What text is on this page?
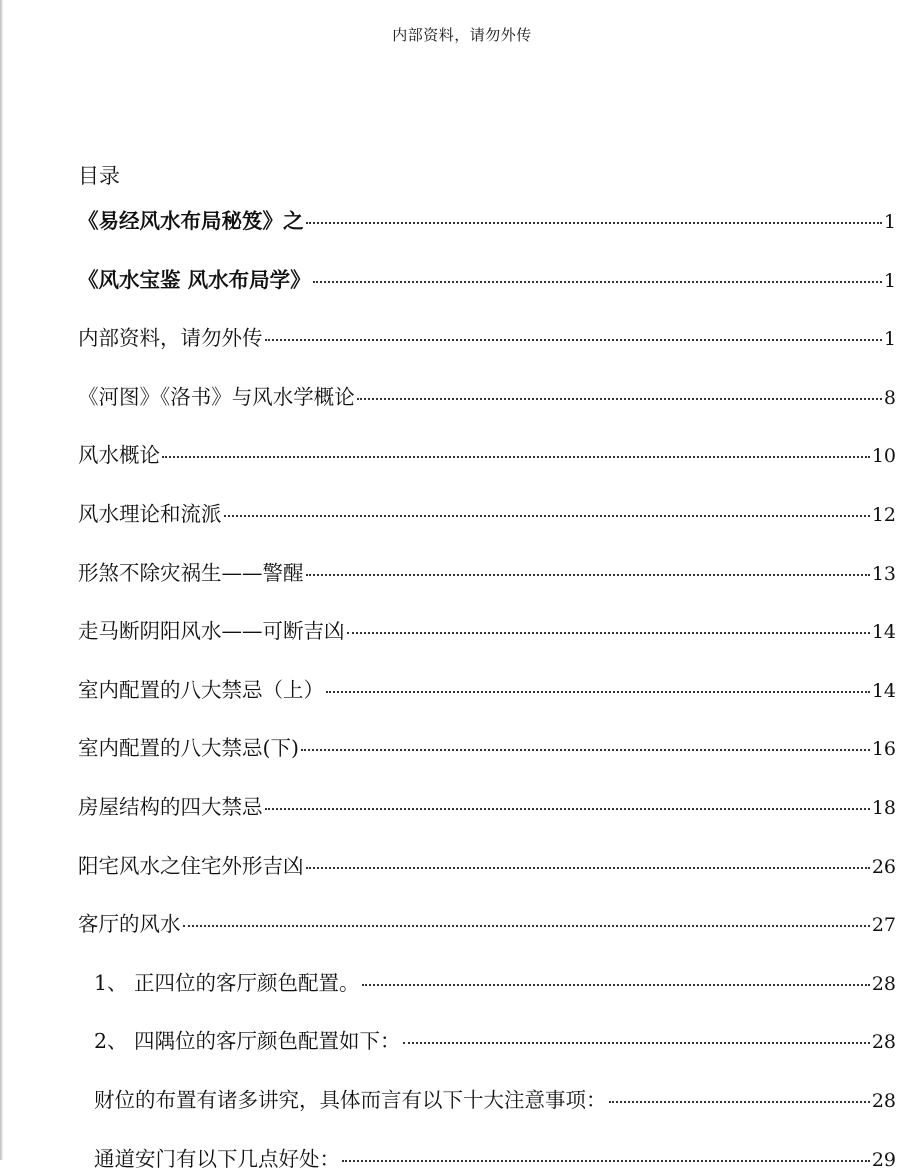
内部资料，请勿外传
目录
《易经风水布局秘笈》之	1
《风水宝鉴 风水布局学》	1
内部资料，请勿外传	1
《河图》《洛书》与风水学概论	8
风水概论	10
风水理论和流派	12
形煞不除灾祸生——警醒	13
走马断阴阳风水——可断吉凶	14
室内配置的八大禁忌（上）	14
室内配置的八大禁忌(下)	16
房屋结构的四大禁忌	18
阳宅风水之住宅外形吉凶	26
客厅的风水	27
1、 正四位的客厅颜色配置。	28
2、 四隅位的客厅颜色配置如下：	28
财位的布置有诸多讲究，具体而言有以下十大注意事项：	28
通道安门有以下几点好处：	29
